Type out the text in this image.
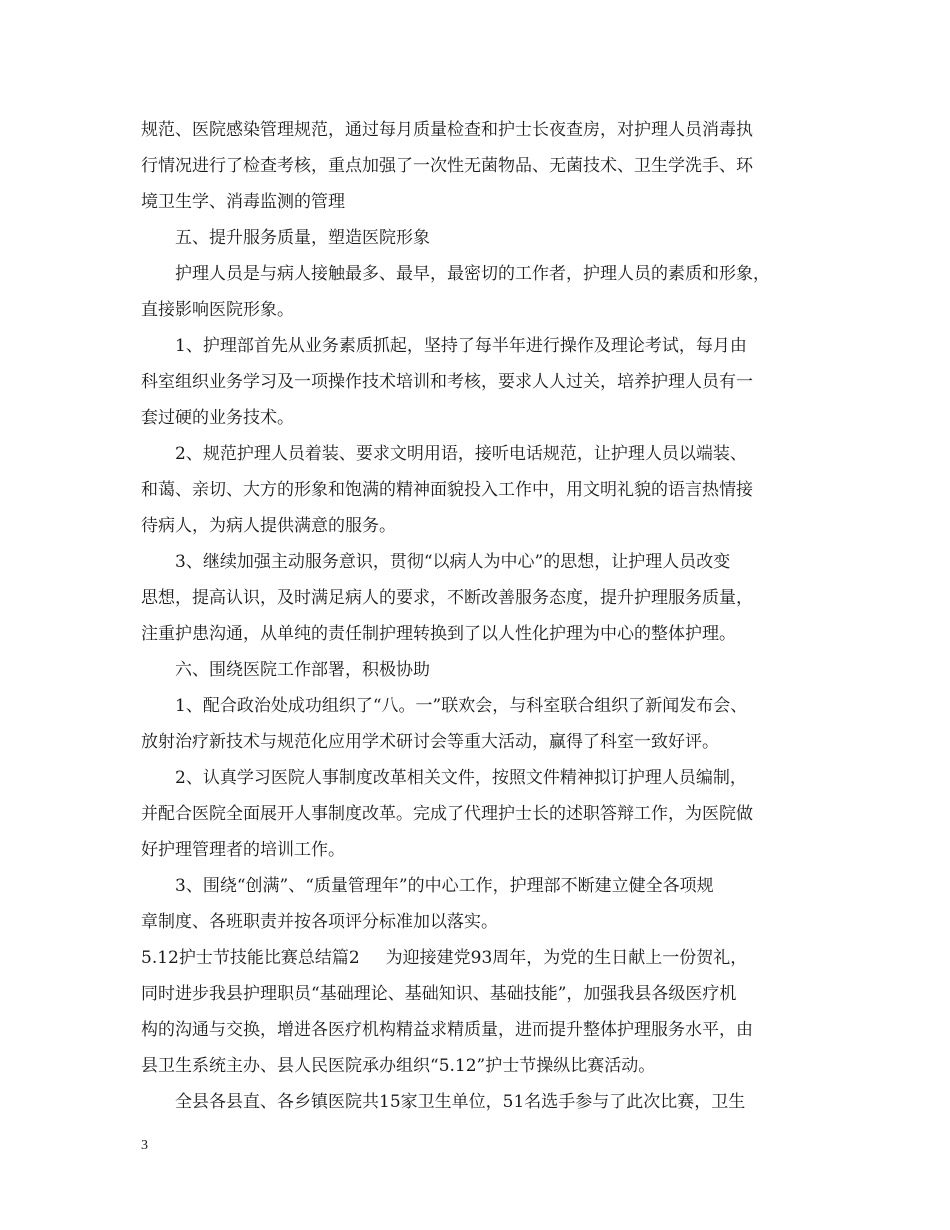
规范、医院感染管理规范，通过每月质量检查和护士长夜查房，对护理人员消毒执
行情况进行了检查考核，重点加强了一次性无菌物品、无菌技术、卫生学洗手、环
境卫生学、消毒监测的管理
五、提升服务质量，塑造医院形象
护理人员是与病人接触最多、最早，最密切的工作者，护理人员的素质和形象，
直接影响医院形象。
1、护理部首先从业务素质抓起，坚持了每半年进行操作及理论考试，每月由
科室组织业务学习及一项操作技术培训和考核，要求人人过关，培养护理人员有一
套过硬的业务技术。
2、规范护理人员着装、要求文明用语，接听电话规范，让护理人员以端装、
和蔼、亲切、大方的形象和饱满的精神面貌投入工作中，用文明礼貌的语言热情接
待病人，为病人提供满意的服务。
3、继续加强主动服务意识，贯彻“以病人为中心”的思想，让护理人员改变
思想，提高认识，及时满足病人的要求，不断改善服务态度，提升护理服务质量，
注重护患沟通，从单纯的责任制护理转换到了以人性化护理为中心的整体护理。
六、围绕医院工作部署，积极协助
1、配合政治处成功组织了“八。一”联欢会，与科室联合组织了新闻发布会、
放射治疗新技术与规范化应用学术研讨会等重大活动，赢得了科室一致好评。
2、认真学习医院人事制度改革相关文件，按照文件精神拟订护理人员编制，
并配合医院全面展开人事制度改革。完成了代理护士长的述职答辩工作，为医院做
好护理管理者的培训工作。
3、围绕“创满”、“质量管理年”的中心工作，护理部不断建立健全各项规
章制度、各班职责并按各项评分标准加以落实。
5.12护士节技能比赛总结篇2 为迎接建党93周年，为党的生日献上一份贺礼，
同时进步我县护理职员“基础理论、基础知识、基础技能”，加强我县各级医疗机
构的沟通与交换，增进各医疗机构精益求精质量，进而提升整体护理服务水平，由
县卫生系统主办、县人民医院承办组织“5.12”护士节操纵比赛活动。
全县各县直、各乡镇医院共15家卫生单位，51名选手参与了此次比赛，卫生
3
